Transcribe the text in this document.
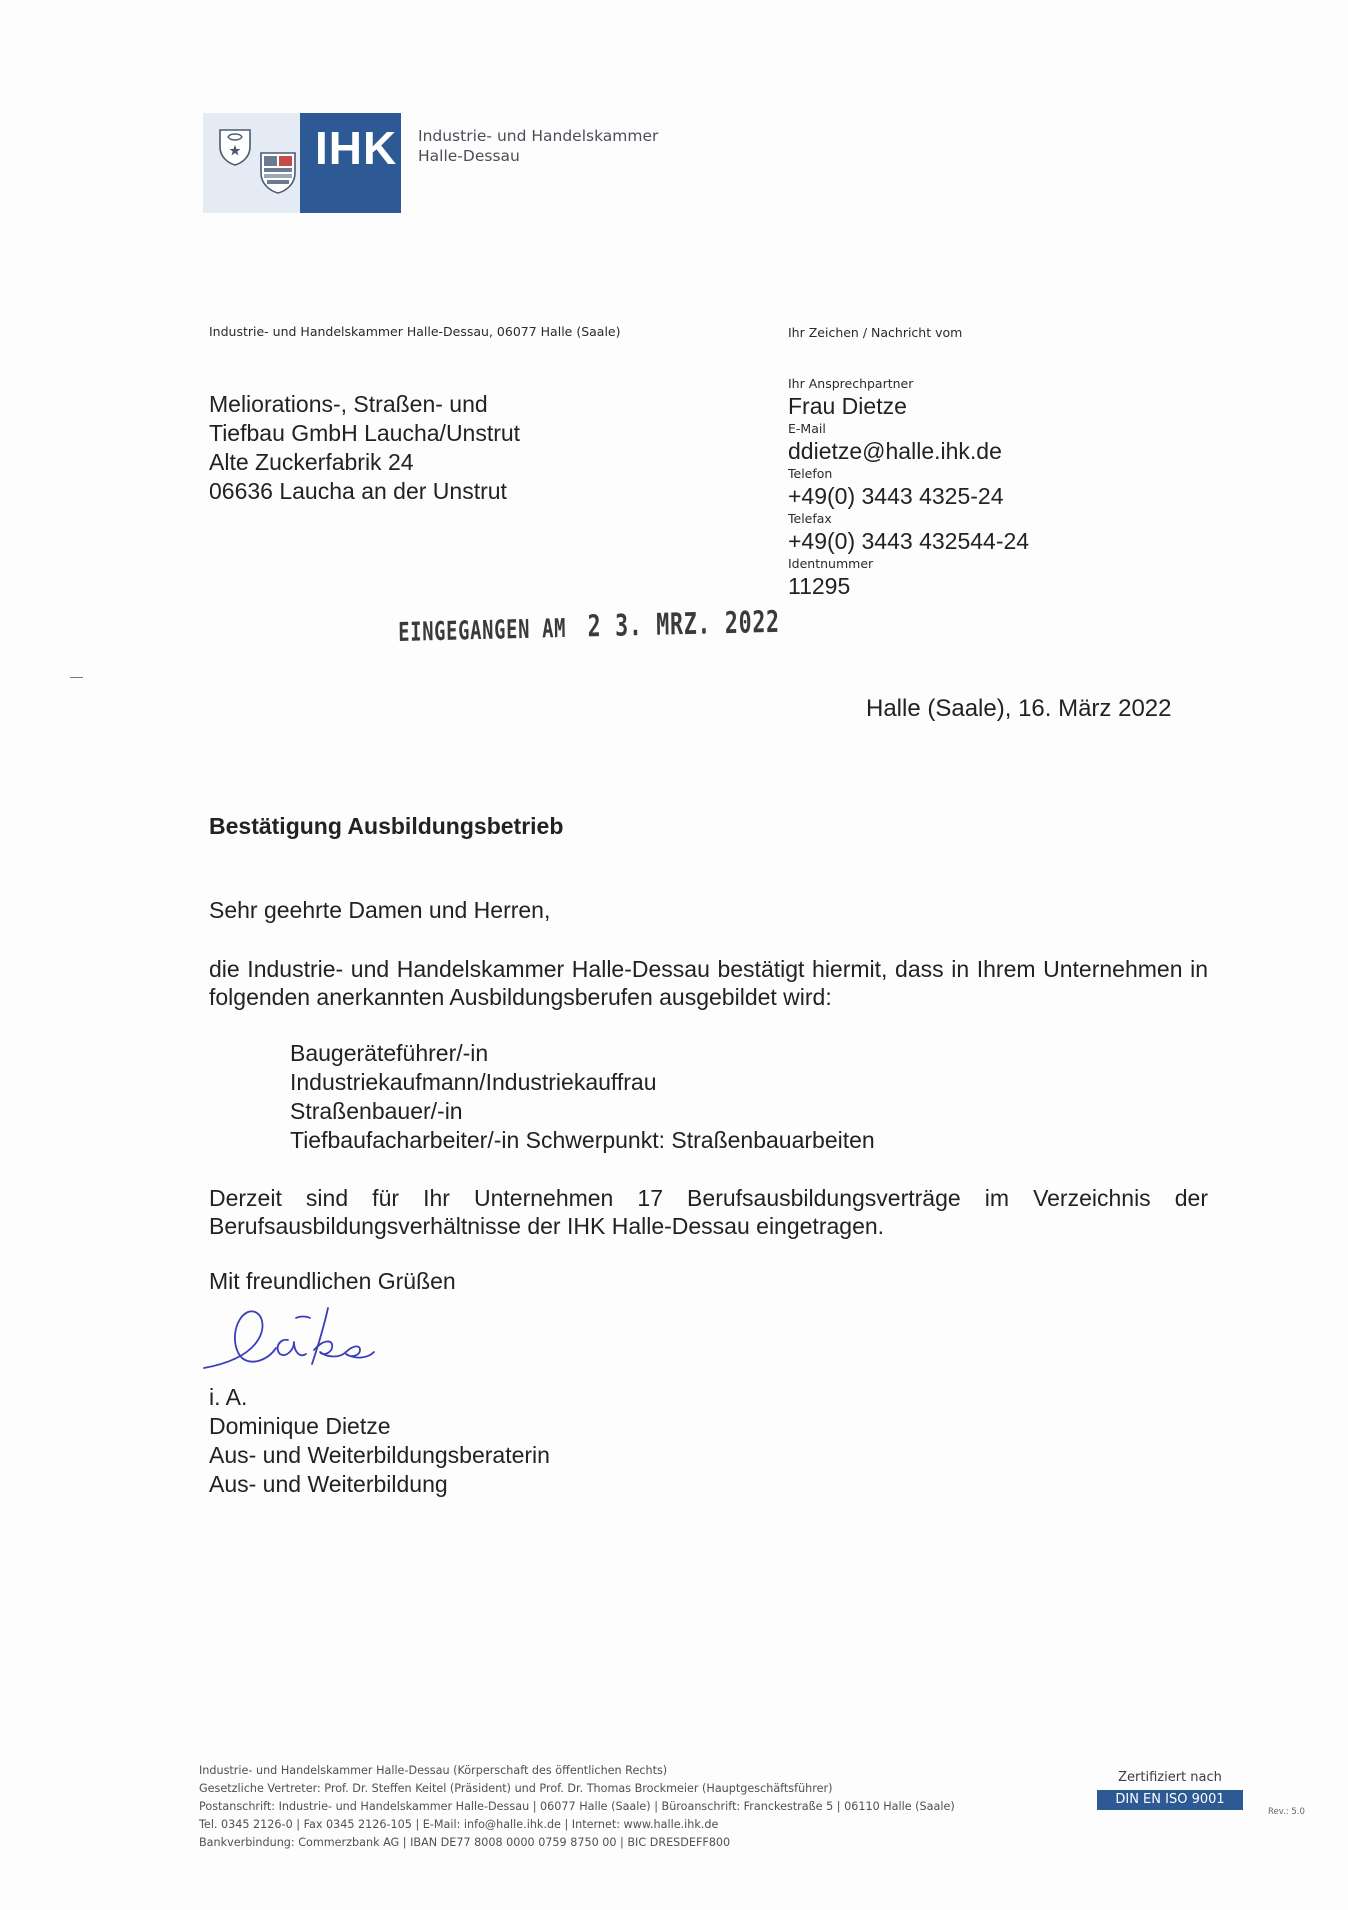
IHK Industrie- und Handelskammer
Halle-Dessau
Industrie- und Handelskammer Halle-Dessau, 06077 Halle (Saale)
Meliorations-, Straßen- und
Tiefbau GmbH Laucha/Unstrut
Alte Zuckerfabrik 24
06636 Laucha an der Unstrut
Ihr Zeichen / Nachricht vom
Ihr Ansprechpartner
Frau Dietze
E-Mail
ddietze@halle.ihk.de
Telefon
+49(0) 3443 4325-24
Telefax
+49(0) 3443 432544-24
Identnummer
11295
EINGEGANGEN AM 2 3. MRZ. 2022
Halle (Saale), 16. März 2022
Bestätigung Ausbildungsbetrieb
Sehr geehrte Damen und Herren,
die Industrie- und Handelskammer Halle-Dessau bestätigt hiermit, dass in Ihrem Unternehmen in folgenden anerkannten Ausbildungsberufen ausgebildet wird:
Baugeräteführer/-in
Industriekaufmann/Industriekauffrau
Straßenbauer/-in
Tiefbaufacharbeiter/-in Schwerpunkt: Straßenbauarbeiten
Derzeit sind für Ihr Unternehmen 17 Berufsausbildungsverträge im Verzeichnis der Berufsausbildungsverhältnisse der IHK Halle-Dessau eingetragen.
Mit freundlichen Grüßen
i. A.
Dominique Dietze
Aus- und Weiterbildungsberaterin
Aus- und Weiterbildung
Industrie- und Handelskammer Halle-Dessau (Körperschaft des öffentlichen Rechts)
Gesetzliche Vertreter: Prof. Dr. Steffen Keitel (Präsident) und Prof. Dr. Thomas Brockmeier (Hauptgeschäftsführer)
Postanschrift: Industrie- und Handelskammer Halle-Dessau | 06077 Halle (Saale) | Büroanschrift: Franckestraße 5 | 06110 Halle (Saale)
Tel. 0345 2126-0 | Fax 0345 2126-105 | E-Mail: info@halle.ihk.de | Internet: www.halle.ihk.de
Bankverbindung: Commerzbank AG | IBAN DE77 8008 0000 0759 8750 00 | BIC DRESDEFF800
Zertifiziert nach
DIN EN ISO 9001
Rev.: 5.0
